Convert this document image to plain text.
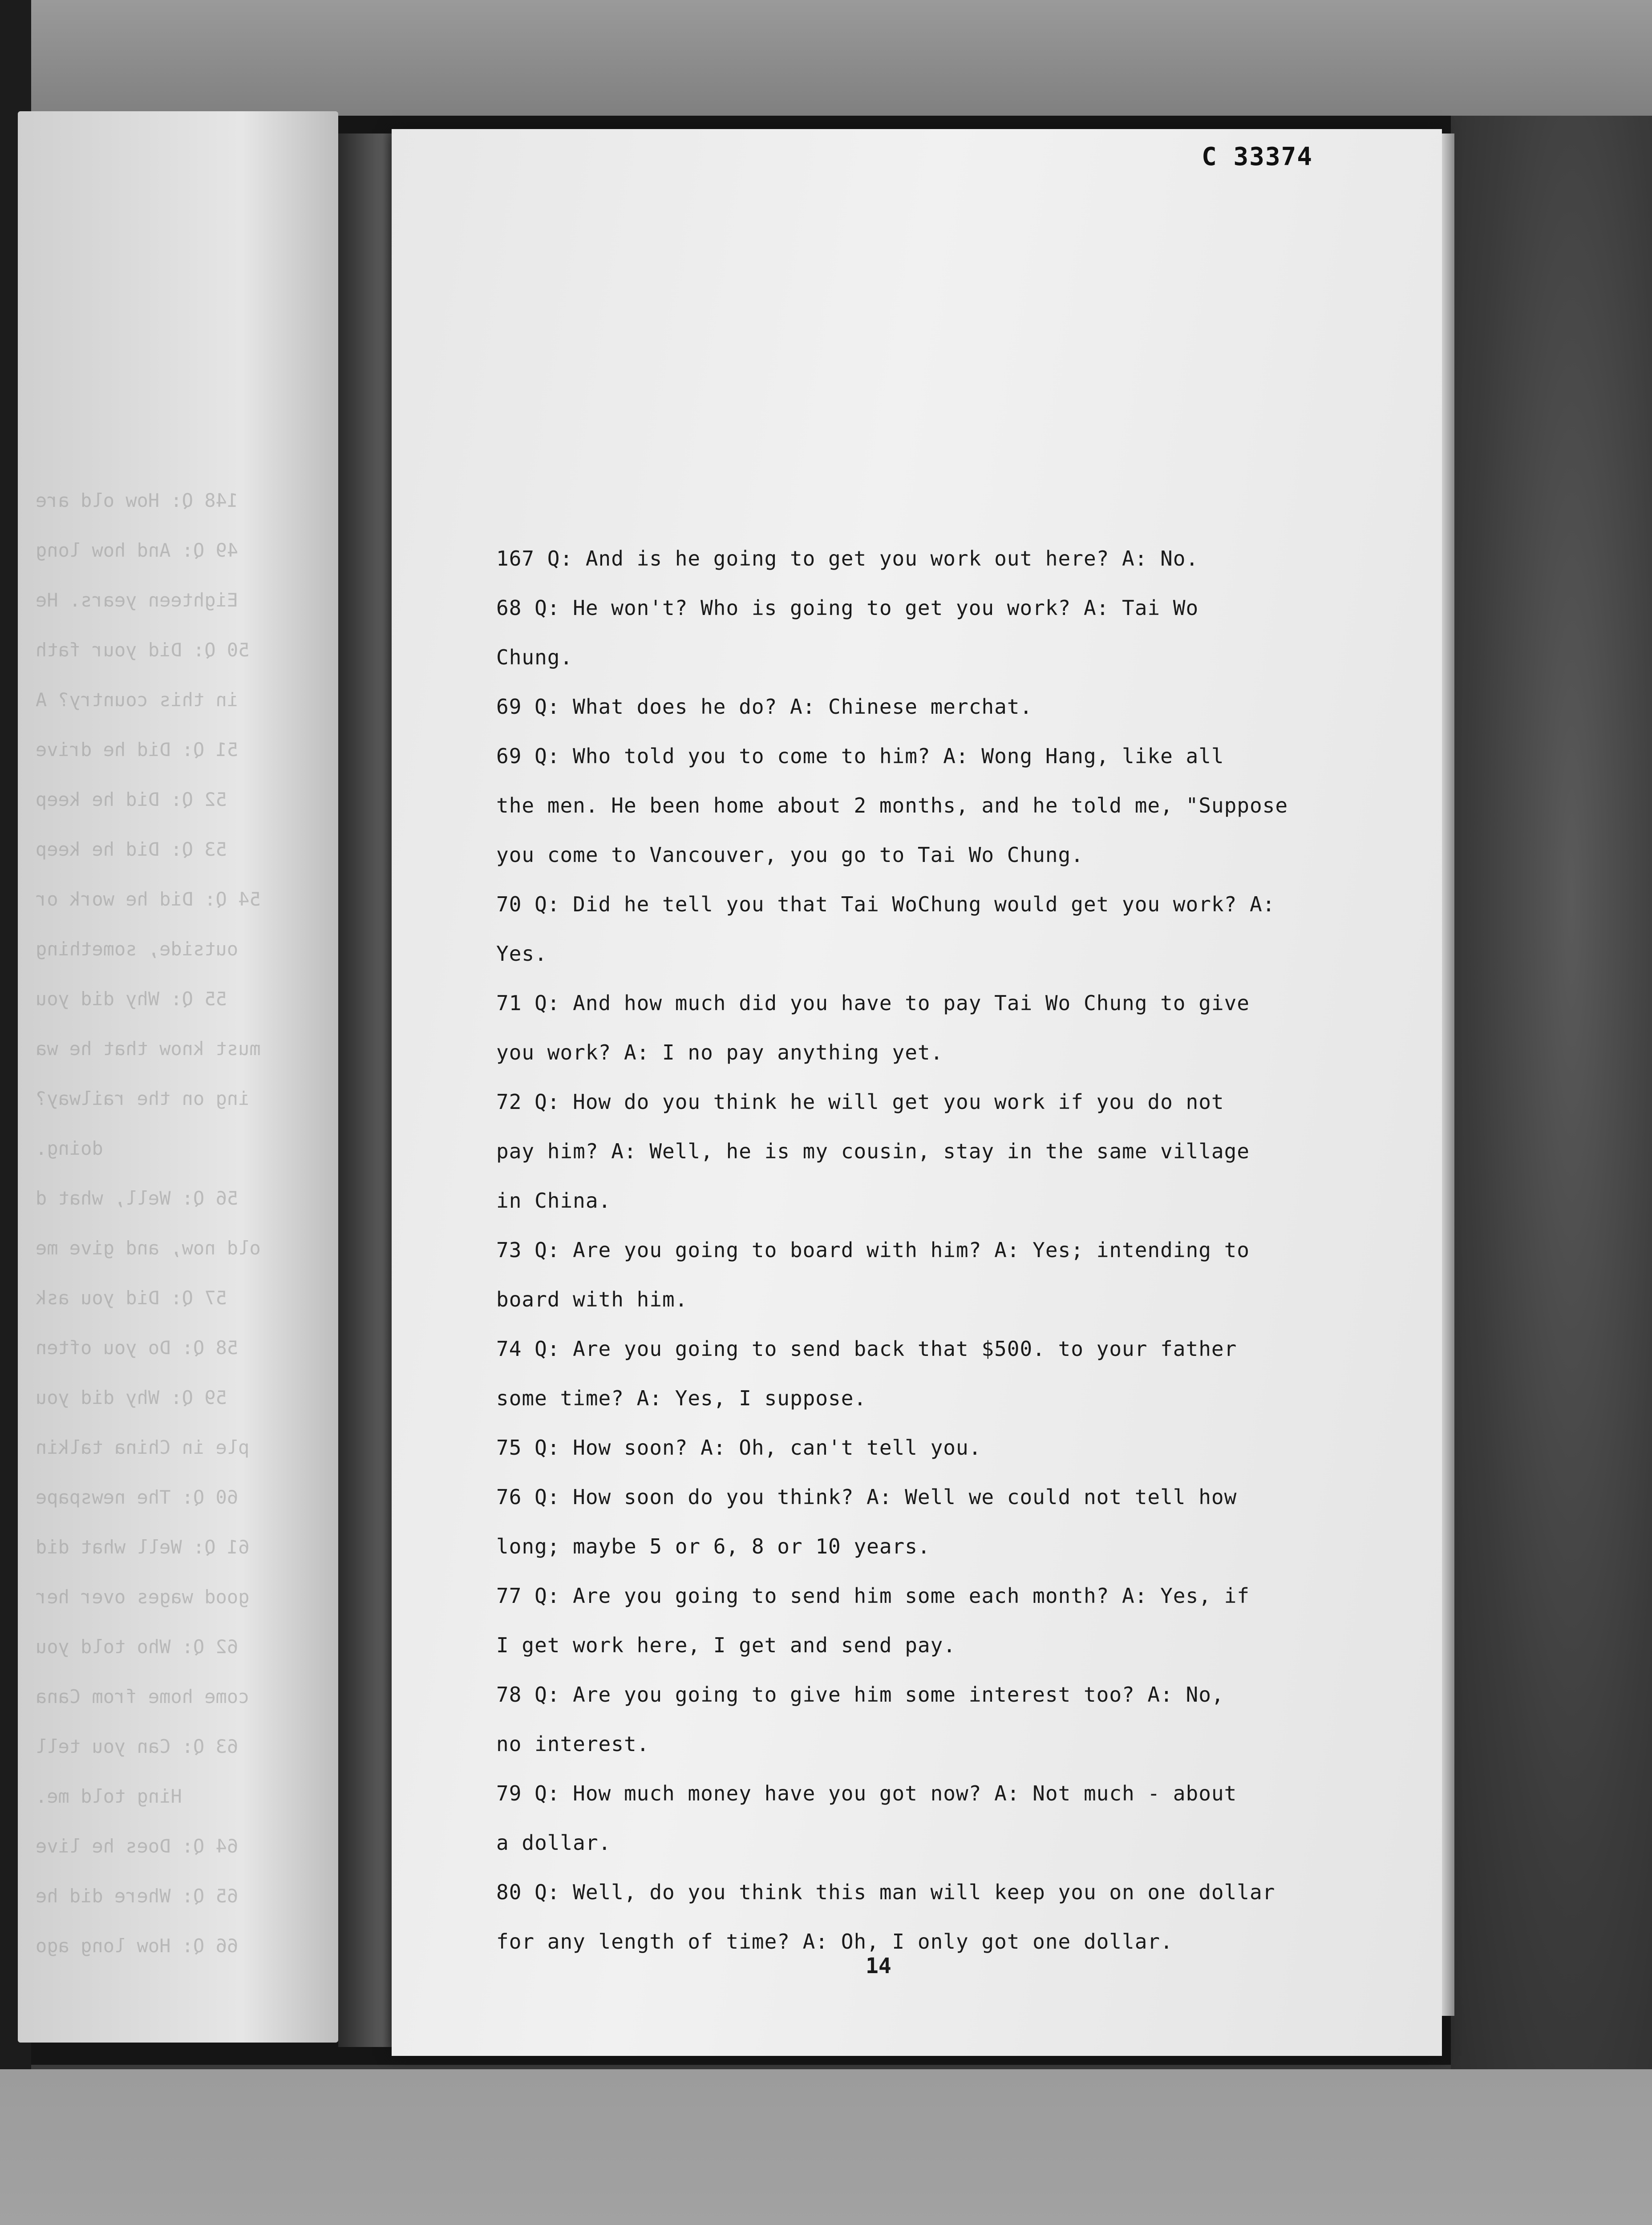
148 Q: How old are
49 Q: And how long
Eighteen years. He
50 Q: Did your fath
in this country? A
51 Q: Did he drive
52 Q: Did he keep
53 Q: Did he keep
54 Q: Did he work or
outside, something
55 Q: Why did you
must know that he wa
ing on the railway?
doing.
56 Q: Well, what d
old now, and give me
57 Q: Did you ask
58 Q: Do you often
59 Q: Why did you
ple in China talkin
60 Q: The newspape
61 Q: Well what did
good wages over her
62 Q: Who told you
come home from Cana
63 Q: Can you tell
Hing told me.
64 Q: Does he live
65 Q: Where did he
66 Q: How long ago
C 33374
167 Q: And is he going to get you work out here? A: No.
68 Q: He won't? Who is going to get you work? A: Tai Wo
Chung.
69 Q: What does he do? A: Chinese merchat.
69 Q: Who told you to come to him? A: Wong Hang, like all
the men. He been home about 2 months, and he told me, "Suppose
you come to Vancouver, you go to Tai Wo Chung.
70 Q: Did he tell you that Tai WoChung would get you work? A:
Yes.
71 Q: And how much did you have to pay Tai Wo Chung to give
you work? A: I no pay anything yet.
72 Q: How do you think he will get you work if you do not
pay him? A: Well, he is my cousin, stay in the same village
in China.
73 Q: Are you going to board with him? A: Yes; intending to
board with him.
74 Q: Are you going to send back that $500. to your father
some time? A: Yes, I suppose.
75 Q: How soon? A: Oh, can't tell you.
76 Q: How soon do you think? A: Well we could not tell how
long; maybe 5 or 6, 8 or 10 years.
77 Q: Are you going to send him some each month? A: Yes, if
I get work here, I get and send pay.
78 Q: Are you going to give him some interest too? A: No,
no interest.
79 Q: How much money have you got now? A: Not much - about
a dollar.
80 Q: Well, do you think this man will keep you on one dollar
for any length of time? A: Oh, I only got one dollar.
14
